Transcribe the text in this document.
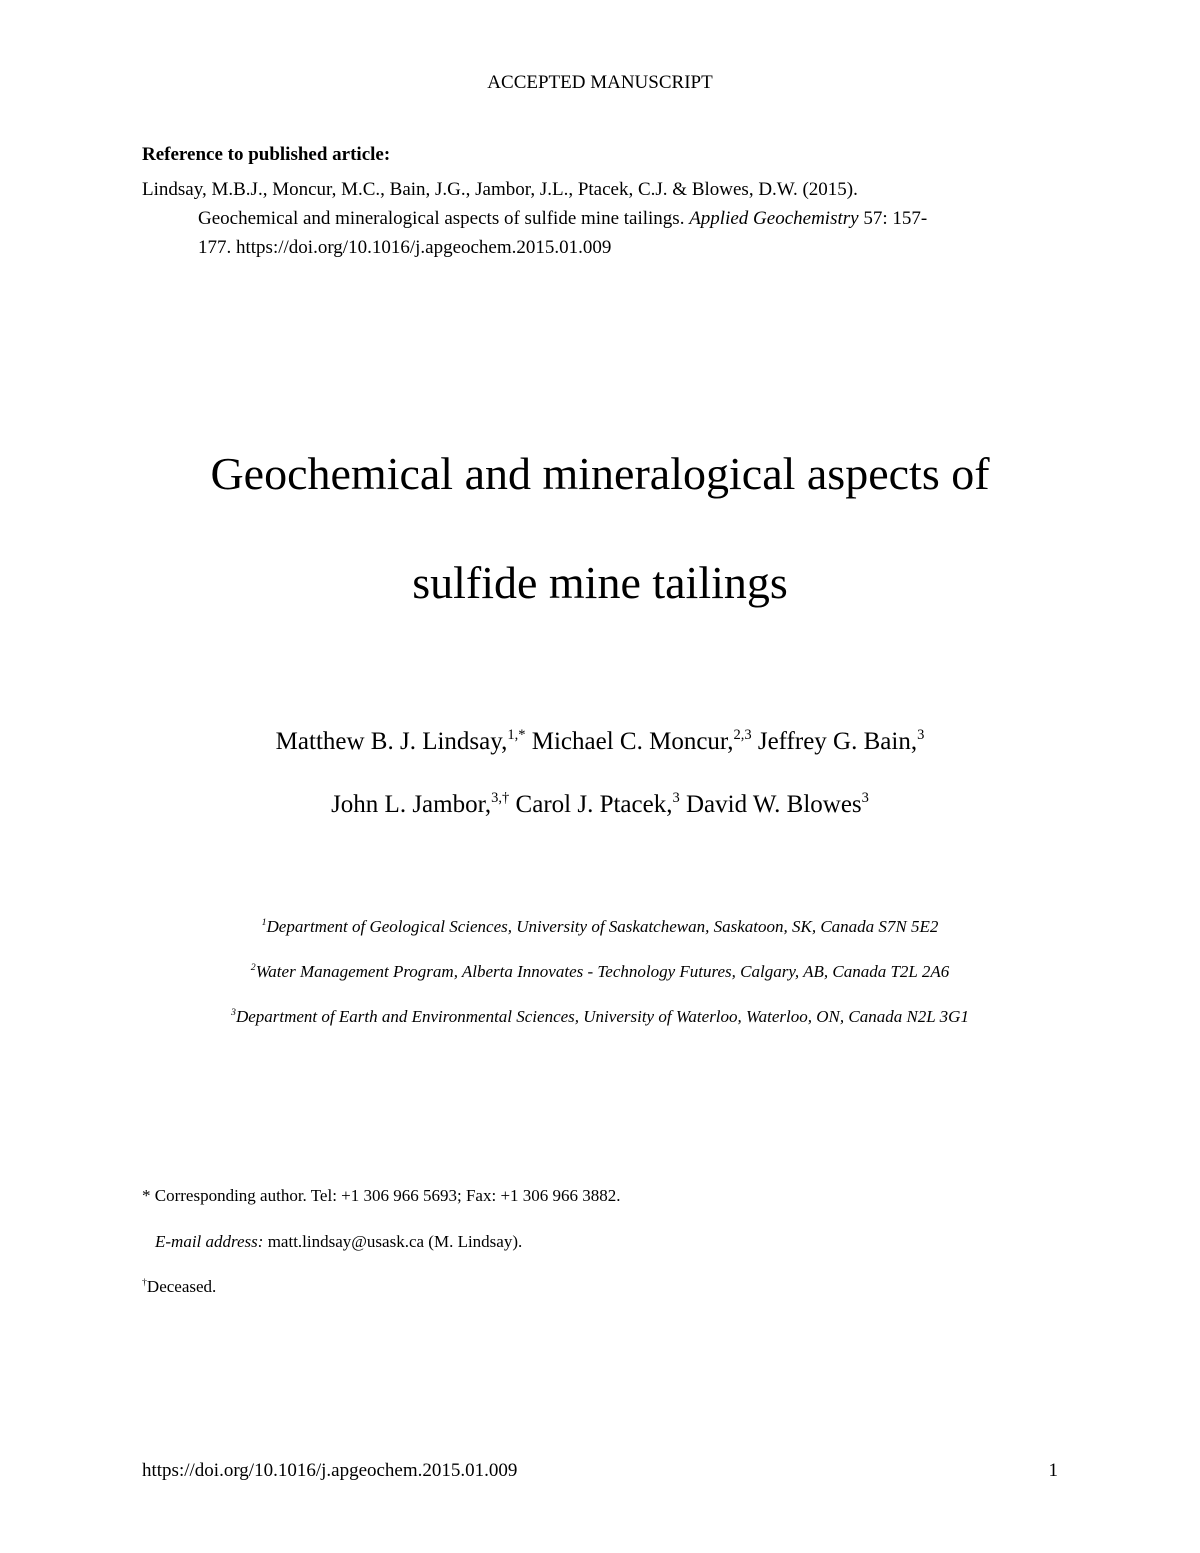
ACCEPTED MANUSCRIPT
Reference to published article:
Lindsay, M.B.J., Moncur, M.C., Bain, J.G., Jambor, J.L., Ptacek, C.J. & Blowes, D.W. (2015).
Geochemical and mineralogical aspects of sulfide mine tailings. Applied Geochemistry 57: 157-
177. https://doi.org/10.1016/j.apgeochem.2015.01.009
Geochemical and mineralogical aspects of
sulfide mine tailings
Matthew B. J. Lindsay,$^{1,*}$ Michael C. Moncur,$^{2,3}$ Jeffrey G. Bain,$^3$
John L. Jambor,$^{3,\dagger}$ Carol J. Ptacek,$^3$ David W. Blowes$^3$
$^1$Department of Geological Sciences, University of Saskatchewan, Saskatoon, SK, Canada S7N 5E2
$^2$Water Management Program, Alberta Innovates - Technology Futures, Calgary, AB, Canada T2L 2A6
$^3$Department of Earth and Environmental Sciences, University of Waterloo, Waterloo, ON, Canada N2L 3G1
* Corresponding author. Tel: +1 306 966 5693; Fax: +1 306 966 3882.
E-mail address: matt.lindsay@usask.ca (M. Lindsay).
†Deceased.
https://doi.org/10.1016/j.apgeochem.2015.01.009	1
